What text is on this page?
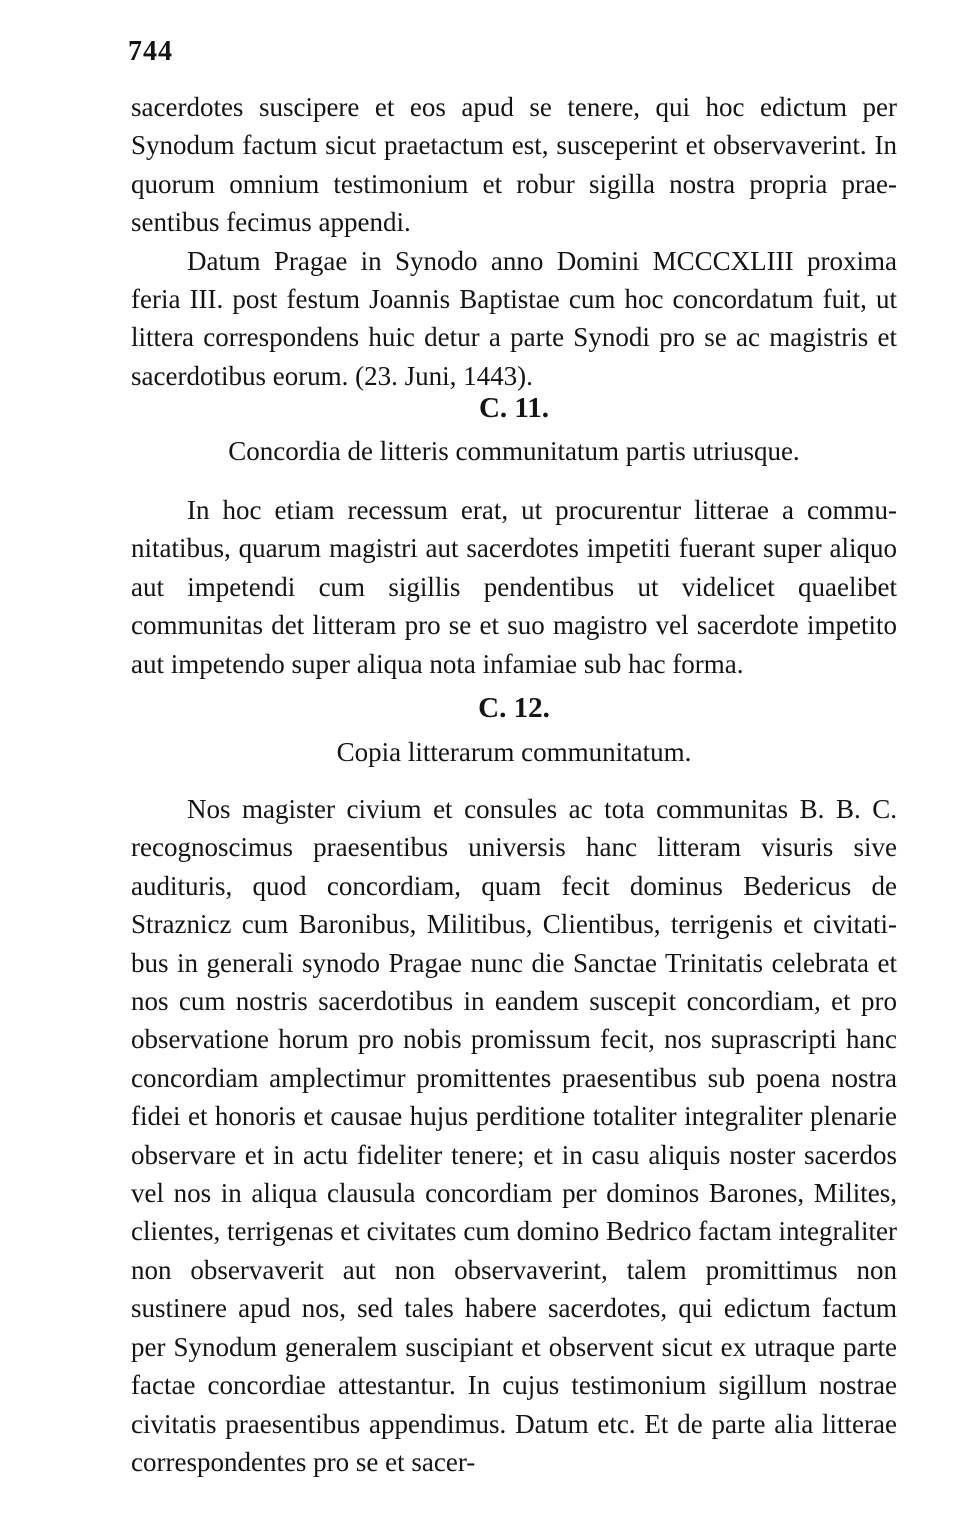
744

sacerdotes suscipere et eos apud se tenere, qui hoc edictum per Synodum factum sicut praetactum est, susceperint et observaverint. In quorum omnium testimonium et robur sigilla nostra propria praesentibus fecimus appendi.

Datum Pragae in Synodo anno Domini MCCCXLIII proxima feria III. post festum Joannis Baptistae cum hoc concordatum fuit, ut littera correspondens huic detur a parte Synodi pro se ac magistris et sacerdotibus eorum. (23. Juni, 1443).

C. 11.
Concordia de litteris communitatum partis utriusque.

In hoc etiam recessum erat, ut procurentur litterae a communitatibus, quarum magistri aut sacerdotes impetiti fuerant super aliquo aut impetendi cum sigillis pendentibus ut videlicet quaelibet communitas det litteram pro se et suo magistro vel sacerdote impetito aut impetendo super aliqua nota infamiae sub hac forma.

C. 12.
Copia litterarum communitatum.

Nos magister civium et consules ac tota communitas B. B. C. recognoscimus praesentibus universis hanc litteram visuris sive audituris, quod concordiam, quam fecit dominus Bedericus de Straznicz cum Baronibus, Militibus, Clientibus, terrigenis et civitatibus in generali synodo Pragae nunc die Sanctae Trinitatis celebrata et nos cum nostris sacerdotibus in eandem suscepit concordiam, et pro observatione horum pro nobis promissum fecit, nos suprascripti hanc concordiam amplectimur promittentes praesentibus sub poena nostra fidei et honoris et causae hujus perditione totaliter integraliter plenarie observare et in actu fideliter tenere; et in casu aliquis noster sacerdos vel nos in aliqua clausula concordiam per dominos Barones, Milites, clientes, terrigenas et civitates cum domino Bedrico factam integraliter non observaverit aut non observaverint, talem promittimus non sustinere apud nos, sed tales habere sacerdotes, qui edictum factum per Synodum generalem suscipiant et observent sicut ex utraque parte factae concordiae attestantur. In cujus testimonium sigillum nostrae civitatis praesentibus appendimus. Datum etc. Et de parte alia litterae correspondentes pro se et sacer-
